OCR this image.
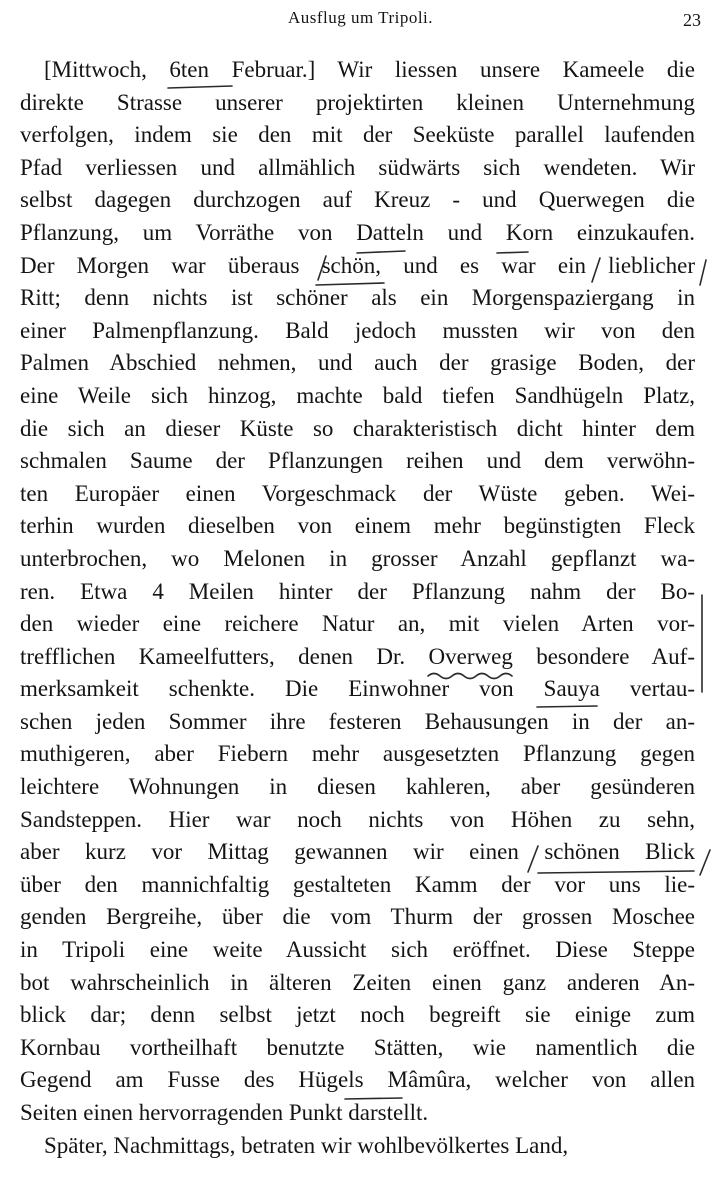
Ausflug um Tripoli.	23
[Mittwoch, 6ten Februar.] Wir liessen unsere Kameele die
direkte Strasse unserer projektirten kleinen Unternehmung
verfolgen, indem sie den mit der Seeküste parallel laufenden
Pfad verliessen und allmählich südwärts sich wendeten. Wir
selbst dagegen durchzogen auf Kreuz - und Querwegen die
Pflanzung, um Vorräthe von Datteln und Korn einzukaufen.
Der Morgen war überaus schön, und es war ein lieblicher
Ritt; denn nichts ist schöner als ein Morgenspaziergang in
einer Palmenpflanzung. Bald jedoch mussten wir von den
Palmen Abschied nehmen, und auch der grasige Boden, der
eine Weile sich hinzog, machte bald tiefen Sandhügeln Platz,
die sich an dieser Küste so charakteristisch dicht hinter dem
schmalen Saume der Pflanzungen reihen und dem verwöhn-
ten Europäer einen Vorgeschmack der Wüste geben. Wei-
terhin wurden dieselben von einem mehr begünstigten Fleck
unterbrochen, wo Melonen in grosser Anzahl gepflanzt wa-
ren. Etwa 4 Meilen hinter der Pflanzung nahm der Bo-
den wieder eine reichere Natur an, mit vielen Arten vor-
trefflichen Kameelfutters, denen Dr. Overweg besondere Auf-
merksamkeit schenkte. Die Einwohner von Sauya vertau-
schen jeden Sommer ihre festeren Behausungen in der an-
muthigeren, aber Fiebern mehr ausgesetzten Pflanzung gegen
leichtere Wohnungen in diesen kahleren, aber gesünderen
Sandsteppen. Hier war noch nichts von Höhen zu sehn,
aber kurz vor Mittag gewannen wir einen schönen Blick
über den mannichfaltig gestalteten Kamm der vor uns lie-
genden Bergreihe, über die vom Thurm der grossen Moschee
in Tripoli eine weite Aussicht sich eröffnet. Diese Steppe
bot wahrscheinlich in älteren Zeiten einen ganz anderen An-
blick dar; denn selbst jetzt noch begreift sie einige zum
Kornbau vortheilhaft benutzte Stätten, wie namentlich die
Gegend am Fusse des Hügels Mâmûra, welcher von allen
Seiten einen hervorragenden Punkt darstellt.
Später, Nachmittags, betraten wir wohlbevölkertes Land,
